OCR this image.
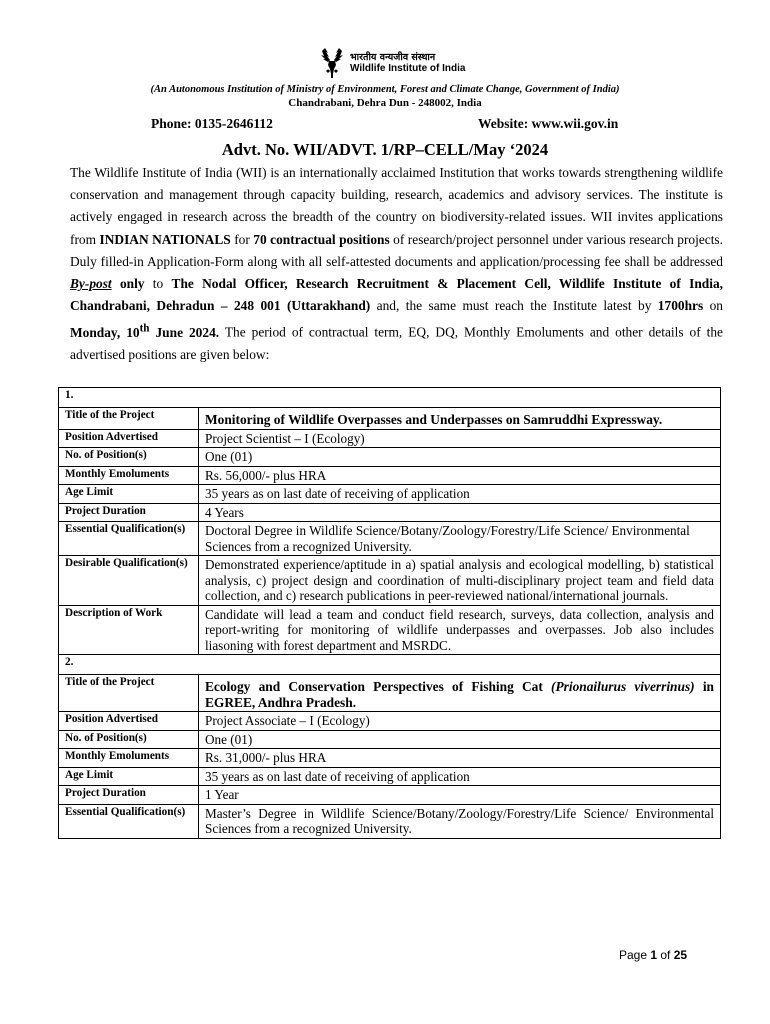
भारतीय वन्यजीव संस्थान
Wildlife Institute of India
(An Autonomous Institution of Ministry of Environment, Forest and Climate Change, Government of India)
Chandrabani, Dehra Dun - 248002, India
Phone: 0135-2646112	Website: www.wii.gov.in
Advt. No. WII/ADVT. 1/RP–CELL/May ‘2024
The Wildlife Institute of India (WII) is an internationally acclaimed Institution that works towards strengthening wildlife conservation and management through capacity building, research, academics and advisory services. The institute is actively engaged in research across the breadth of the country on biodiversity-related issues. WII invites applications from INDIAN NATIONALS for 70 contractual positions of research/project personnel under various research projects. Duly filled-in Application-Form along with all self-attested documents and application/processing fee shall be addressed By-post only to The Nodal Officer, Research Recruitment & Placement Cell, Wildlife Institute of India, Chandrabani, Dehradun – 248 001 (Uttarakhand) and, the same must reach the Institute latest by 1700hrs on Monday, 10th June 2024. The period of contractual term, EQ, DQ, Monthly Emoluments and other details of the advertised positions are given below:
1.	
Title of the Project	Monitoring of Wildlife Overpasses and Underpasses on Samruddhi Expressway.
Position Advertised	Project Scientist – I (Ecology)
No. of Position(s)	One (01)
Monthly Emoluments	Rs. 56,000/- plus HRA
Age Limit	35 years as on last date of receiving of application
Project Duration	4 Years
Essential Qualification(s)	Doctoral Degree in Wildlife Science/Botany/Zoology/Forestry/Life Science/ Environmental Sciences from a recognized University.
Desirable Qualification(s)	Demonstrated experience/aptitude in a) spatial analysis and ecological modelling, b) statistical analysis, c) project design and coordination of multi-disciplinary project team and field data collection, and c) research publications in peer-reviewed national/international journals.
Description of Work	Candidate will lead a team and conduct field research, surveys, data collection, analysis and report-writing for monitoring of wildlife underpasses and overpasses. Job also includes liasoning with forest department and MSRDC.
2.	
Title of the Project	Ecology and Conservation Perspectives of Fishing Cat (Prionailurus viverrinus) in EGREE, Andhra Pradesh.
Position Advertised	Project Associate – I (Ecology)
No. of Position(s)	One (01)
Monthly Emoluments	Rs. 31,000/- plus HRA
Age Limit	35 years as on last date of receiving of application
Project Duration	1 Year
Essential Qualification(s)	Master’s Degree in Wildlife Science/Botany/Zoology/Forestry/Life Science/ Environmental Sciences from a recognized University.
Page 1 of 25
